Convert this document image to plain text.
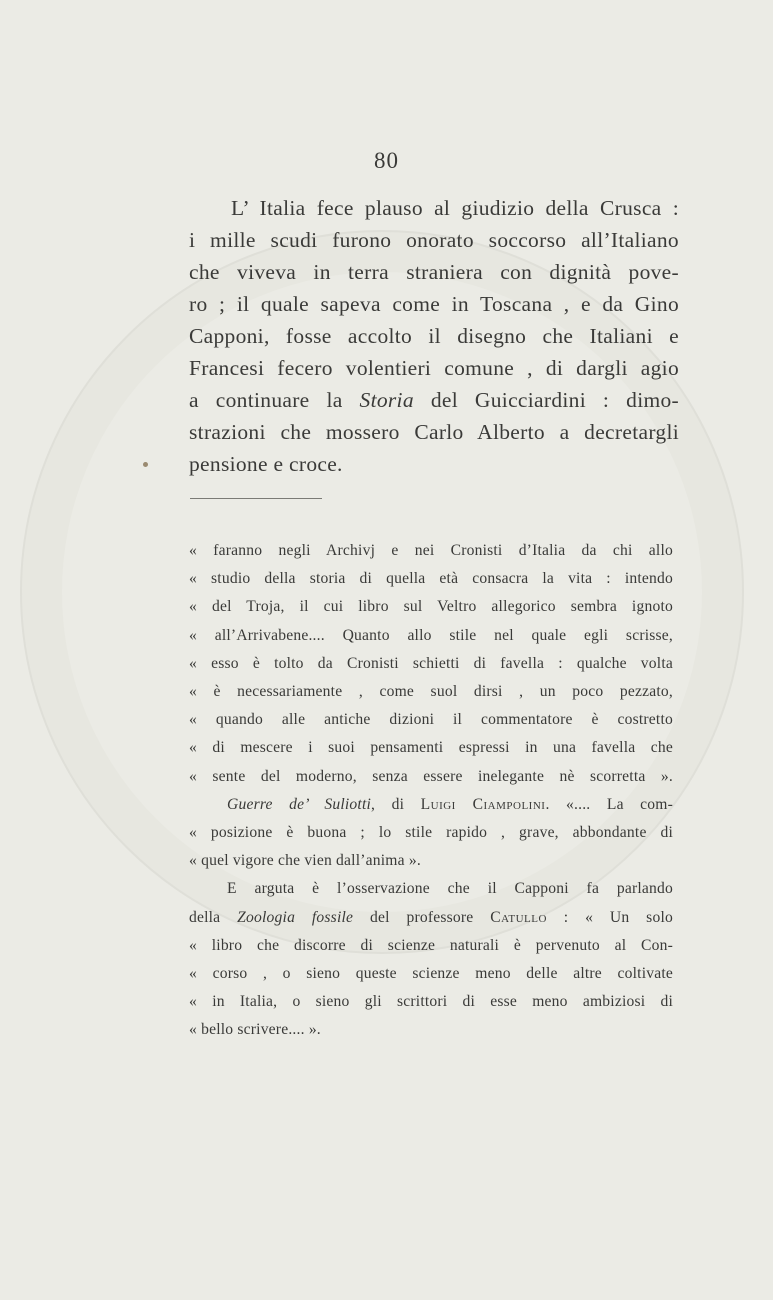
80
L’ Italia fece plauso al giudizio della Crusca :
i mille scudi furono onorato soccorso all’Italiano
che viveva in terra straniera con dignità pove-
ro ; il quale sapeva come in Toscana , e da Gino
Capponi, fosse accolto il disegno che Italiani e
Francesi fecero volentieri comune , di dargli agio
a continuare la Storia del Guicciardini : dimo-
strazioni che mossero Carlo Alberto a decretargli
pensione e croce.
« faranno negli Archivj e nei Cronisti d’Italia da chi allo
« studio della storia di quella età consacra la vita : intendo
« del Troja, il cui libro sul Veltro allegorico sembra ignoto
« all’Arrivabene.... Quanto allo stile nel quale egli scrisse,
« esso è tolto da Cronisti schietti di favella : qualche volta
« è necessariamente , come suol dirsi , un poco pezzato,
« quando alle antiche dizioni il commentatore è costretto
« di mescere i suoi pensamenti espressi in una favella che
« sente del moderno, senza essere inelegante nè scorretta ».
Guerre de’ Suliotti, di Luigi Ciampolini. «.... La com-
« posizione è buona ; lo stile rapido , grave, abbondante di
« quel vigore che vien dall’anima ».
E arguta è l’osservazione che il Capponi fa parlando
della Zoologia fossile del professore Catullo : « Un solo
« libro che discorre di scienze naturali è pervenuto al Con-
« corso , o sieno queste scienze meno delle altre coltivate
« in Italia, o sieno gli scrittori di esse meno ambiziosi di
« bello scrivere.... ».
